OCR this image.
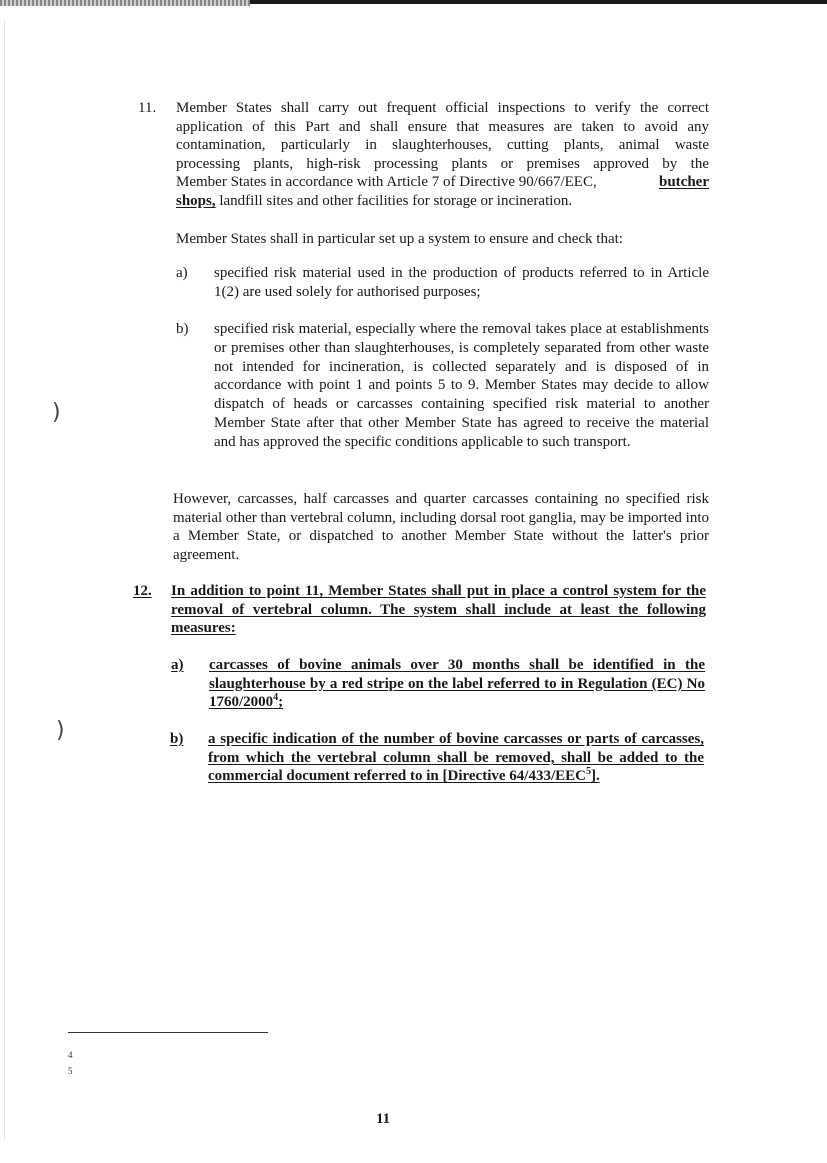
)
)
11. Member States shall carry out frequent official inspections to verify the correct
application of this Part and shall ensure that measures are taken to avoid any
contamination, particularly in slaughterhouses, cutting plants, animal waste
processing plants, high-risk processing plants or premises approved by the
Member States in accordance with Article 7 of Directive 90/667/EEC,	butcher
shops, landfill sites and other facilities for storage or incineration.
Member States shall in particular set up a system to ensure and check that:
a) specified risk material used in the production of products referred to in Article 1(2) are used solely for authorised purposes;
b) specified risk material, especially where the removal takes place at establishments or premises other than slaughterhouses, is completely separated from other waste not intended for incineration, is collected separately and is disposed of in accordance with point 1 and points 5 to 9. Member States may decide to allow dispatch of heads or carcasses containing specified risk material to another Member State after that other Member State has agreed to receive the material and has approved the specific conditions applicable to such transport.
However, carcasses, half carcasses and quarter carcasses containing no specified risk material other than vertebral column, including dorsal root ganglia, may be imported into a Member State, or dispatched to another Member State without the latter's prior agreement.
12. In addition to point 11, Member States shall put in place a control system for the removal of vertebral column. The system shall include at least the following measures:
a) carcasses of bovine animals over 30 months shall be identified in the slaughterhouse by a red stripe on the label referred to in Regulation (EC) No 1760/2000$^4$;
b) a specific indication of the number of bovine carcasses or parts of carcasses, from which the vertebral column shall be removed, shall be added to the commercial document referred to in [Directive 64/433/EEC$^5$].
4
5
11
